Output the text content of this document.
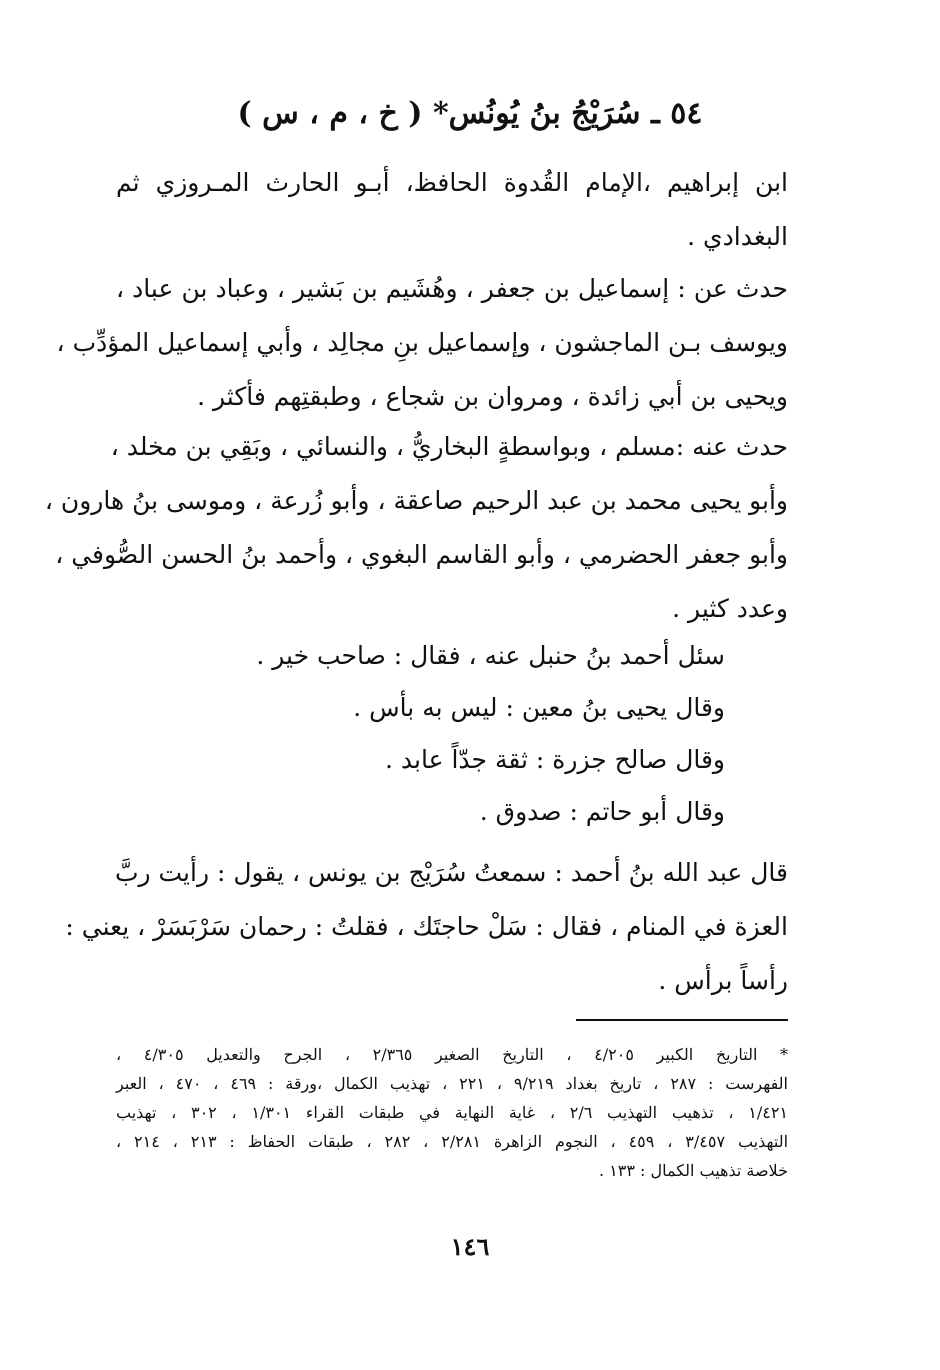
٥٤ ـ سُرَيْجُ بنُ يُونُس* ( خ ، م ، س )
ابن إبراهيم ،الإمام القُدوة الحافظ، أبـو الحارث المـروزي ثم
البغدادي .
حدث عن : إسماعيل بن جعفر ، وهُشَيم بن بَشير ، وعباد بن عباد ،
ويوسف بـن الماجشون ، وإسماعيل بنِ مجالِد ، وأبي إسماعيل المؤدِّب ،
ويحيى بن أبي زائدة ، ومروان بن شجاع ، وطبقتِهم فأكثر .
حدث عنه :مسلم ، وبواسطةٍ البخاريُّ ، والنسائي ، وبَقِي بن مخلد ،
وأبو يحيى محمد بن عبد الرحيم صاعقة ، وأبو زُرعة ، وموسى بنُ هارون ،
وأبو جعفر الحضرمي ، وأبو القاسم البغوي ، وأحمد بنُ الحسن الصُّوفي ،
وعدد كثير .
سئل أحمد بنُ حنبل عنه ، فقال : صاحب خير .
وقال يحيى بنُ معين : ليس به بأس .
وقال صالح جزرة : ثقة جدّاً عابد .
وقال أبو حاتم : صدوق .
قال عبد الله بنُ أحمد : سمعتُ سُرَيْج بن يونس ، يقول : رأيت ربَّ
العزة في المنام ، فقال : سَلْ حاجتَك ، فقلتُ : رحمان سَرْبَسَرْ ، يعني :
رأساً برأس .
* التاريخ الكبير ٤/٢٠٥ ، التاريخ الصغير ٢/٣٦٥ ، الجرح والتعديل ٤/٣٠٥ ،
الفهرست : ٢٨٧ ، تاريخ بغداد ٩/٢١٩ ، ٢٢١ ، تهذيب الكمال ،ورقة : ٤٦٩ ، ٤٧٠ ، العبر
١/٤٢١ ، تذهيب التهذيب ٢/٦ ، غاية النهاية في طبقات القراء ١/٣٠١ ، ٣٠٢ ، تهذيب
التهذيب ٣/٤٥٧ ، ٤٥٩ ، النجوم الزاهرة ٢/٢٨١ ، ٢٨٢ ، طبقات الحفاظ : ٢١٣ ، ٢١٤ ،
خلاصة تذهيب الكمال : ١٣٣ .
١٤٦
